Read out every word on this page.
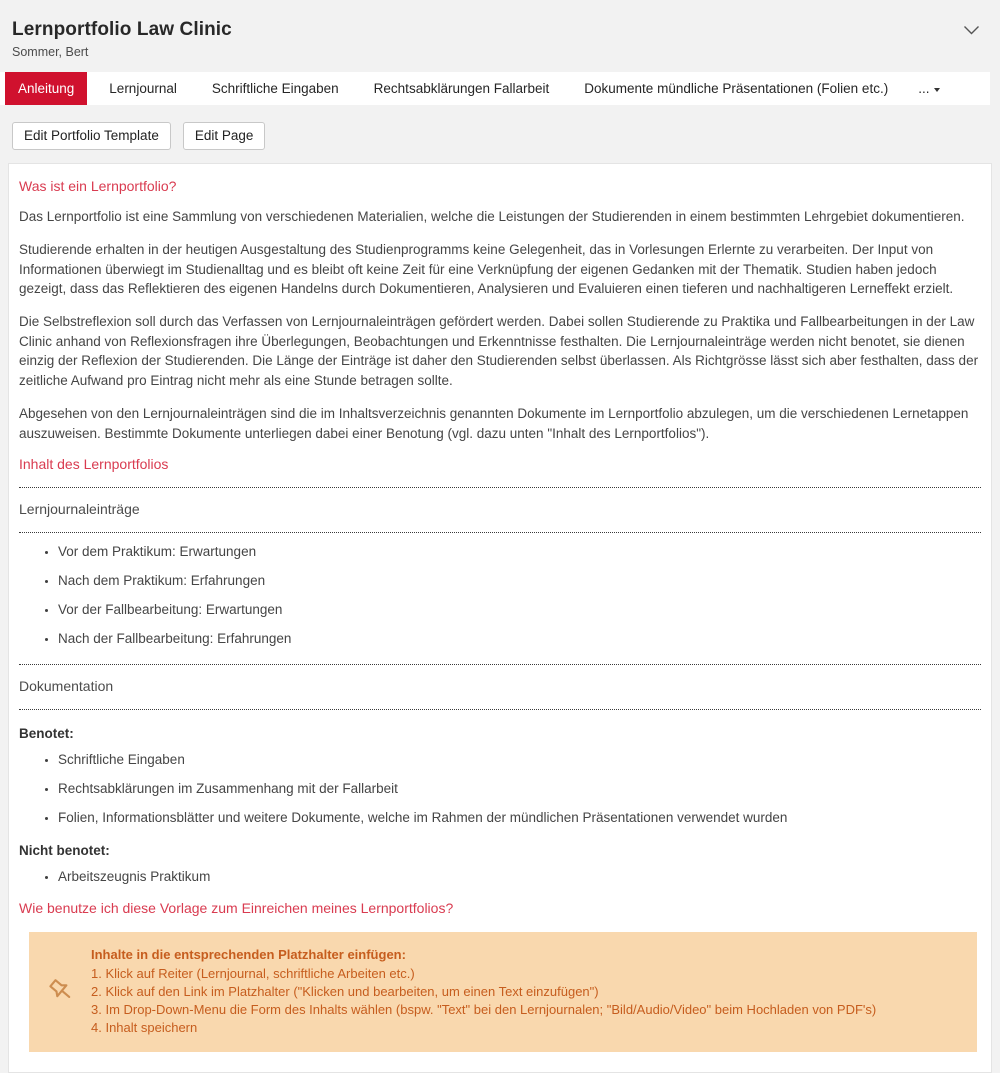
Lernportfolio Law Clinic
Sommer, Bert
Anleitung	Lernjournal	Schriftliche Eingaben	Rechtsabklärungen Fallarbeit	Dokumente mündliche Präsentationen (Folien etc.) ...
Edit Portfolio Template	Edit Page
Was ist ein Lernportfolio?

Das Lernportfolio ist eine Sammlung von verschiedenen Materialien, welche die Leistungen der Studierenden in einem bestimmten Lehrgebiet dokumentieren.

Studierende erhalten in der heutigen Ausgestaltung des Studienprogramms keine Gelegenheit, das in Vorlesungen Erlernte zu verarbeiten. Der Input von Informationen überwiegt im Studienalltag und es bleibt oft keine Zeit für eine Verknüpfung der eigenen Gedanken mit der Thematik. Studien haben jedoch gezeigt, dass das Reflektieren des eigenen Handelns durch Dokumentieren, Analysieren und Evaluieren einen tieferen und nachhaltigeren Lerneffekt erzielt.

Die Selbstreflexion soll durch das Verfassen von Lernjournaleinträgen gefördert werden. Dabei sollen Studierende zu Praktika und Fallbearbeitungen in der Law Clinic anhand von Reflexionsfragen ihre Überlegungen, Beobachtungen und Erkenntnisse festhalten. Die Lernjournaleinträge werden nicht benotet, sie dienen einzig der Reflexion der Studierenden. Die Länge der Einträge ist daher den Studierenden selbst überlassen. Als Richtgrösse lässt sich aber festhalten, dass der zeitliche Aufwand pro Eintrag nicht mehr als eine Stunde betragen sollte.

Abgesehen von den Lernjournaleinträgen sind die im Inhaltsverzeichnis genannten Dokumente im Lernportfolio abzulegen, um die verschiedenen Lernetappen auszuweisen. Bestimmte Dokumente unterliegen dabei einer Benotung (vgl. dazu unten "Inhalt des Lernportfolios").

Inhalt des Lernportfolios
Lernjournaleinträge
• Vor dem Praktikum: Erwartungen
• Nach dem Praktikum: Erfahrungen
• Vor der Fallbearbeitung: Erwartungen
• Nach der Fallbearbeitung: Erfahrungen
Dokumentation
Benotet:
• Schriftliche Eingaben
• Rechtsabklärungen im Zusammenhang mit der Fallarbeit
• Folien, Informationsblätter und weitere Dokumente, welche im Rahmen der mündlichen Präsentationen verwendet wurden
Nicht benotet:
• Arbeitszeugnis Praktikum
Wie benutze ich diese Vorlage zum Einreichen meines Lernportfolios?
Inhalte in die entsprechenden Platzhalter einfügen:
1. Klick auf Reiter (Lernjournal, schriftliche Arbeiten etc.)
2. Klick auf den Link im Platzhalter ("Klicken und bearbeiten, um einen Text einzufügen")
3. Im Drop-Down-Menu die Form des Inhalts wählen (bspw. "Text" bei den Lernjournalen; "Bild/Audio/Video" beim Hochladen von PDF's)
4. Inhalt speichern
